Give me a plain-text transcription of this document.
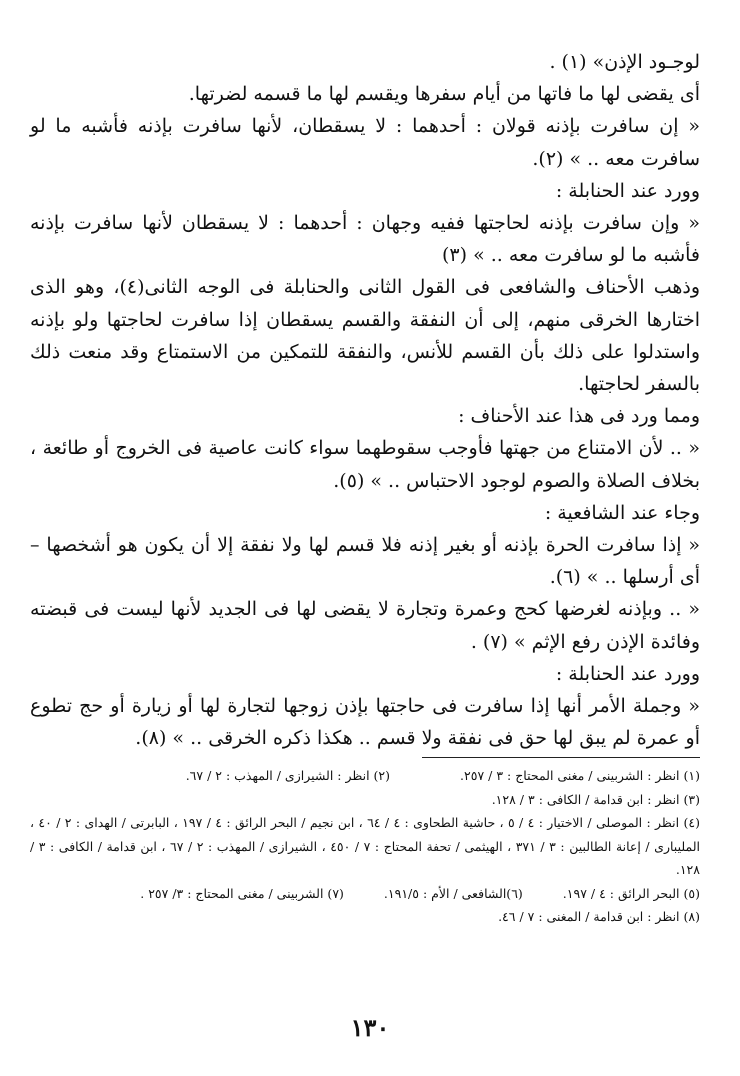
لوجـود الإذن» (١) .

أى يقضى لها ما فاتها من أيام سفرها ويقسم لها ما قسمه لضرتها.

« إن سافرت بإذنه قولان : أحدهما : لا يسقطان، لأنها سافرت بإذنه فأشبه ما لو سافرت معه .. » (٢).

وورد عند الحنابلة :

« وإن سافرت بإذنه لحاجتها ففيه وجهان : أحدهما : لا يسقطان لأنها سافرت بإذنه فأشبه ما لو سافرت معه .. » (٣)

وذهب الأحناف والشافعى فى القول الثانى والحنابلة فى الوجه الثانى(٤)، وهو الذى اختارها الخرقى منهم، إلى أن النفقة والقسم يسقطان إذا سافرت لحاجتها ولو بإذنه واستدلوا على ذلك بأن القسم للأنس، والنفقة للتمكين من الاستمتاع وقد منعت ذلك بالسفر لحاجتها.

ومما ورد فى هذا عند الأحناف :

« .. لأن الامتناع من جهتها فأوجب سقوطهما سواء كانت عاصية فى الخروج أو طائعة ، بخلاف الصلاة والصوم لوجود الاحتباس .. » (٥).

وجاء عند الشافعية :

« إذا سافرت الحرة بإذنه أو بغير إذنه فلا قسم لها ولا نفقة إلا أن يكون هو أشخصها – أى أرسلها .. » (٦).

« .. وبإذنه لغرضها كحج وعمرة وتجارة لا يقضى لها فى الجديد لأنها ليست فى قبضته وفائدة الإذن رفع الإثم » (٧) .

وورد عند الحنابلة :

« وجملة الأمر أنها إذا سافرت فى حاجتها بإذن زوجها لتجارة لها أو زيارة أو حج تطوع أو عمرة لم يبق لها حق فى نفقة ولا قسم .. هكذا ذكره الخرقى .. » (٨).

(١) انظر : الشربينى / مغنى المحتاج : ٣ / ٢٥٧.
(٢) انظر : الشيرازى / المهذب : ٢ / ٦٧.

(٣) انظر : ابن قدامة / الكافى : ٣ / ١٢٨.

(٤) انظر : الموصلى / الاختيار : ٤ / ٥ ، حاشية الطحاوى : ٤ / ٦٤ ، ابن نجيم / البحر الرائق : ٤ / ١٩٧ ، البابرتى / الهداى : ٢ / ٤٠ ، المليبارى / إعانة الطالبين : ٣ / ٣٧١ ، الهيثمى / تحفة المحتاج : ٧ / ٤٥٠ ، الشيرازى / المهذب : ٢ / ٦٧ ، ابن قدامة / الكافى : ٣ / ١٢٨.

(٥) البحر الرائق : ٤ / ١٩٧.
(٦)الشافعى / الأم : ١٩١/٥.
(٧) الشربينى / مغنى المحتاج : ٣/ ٢٥٧ .

(٨) انظر : ابن قدامة / المغنى : ٧ / ٤٦.

١٣٠
